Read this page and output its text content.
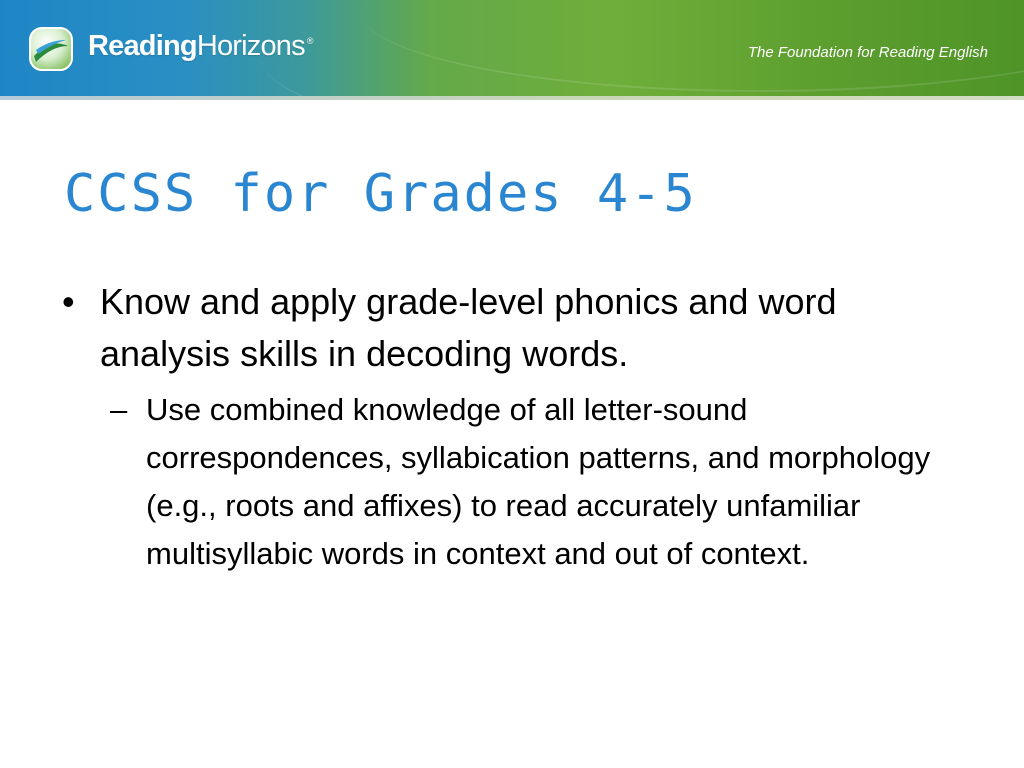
ReadingHorizons ®
The Foundation for Reading English
CCSS for Grades 4-5
• Know and apply grade-level phonics and word analysis skills in decoding words.
– Use combined knowledge of all letter-sound correspondences, syllabication patterns, and morphology (e.g., roots and affixes) to read accurately unfamiliar multisyllabic words in context and out of context.
